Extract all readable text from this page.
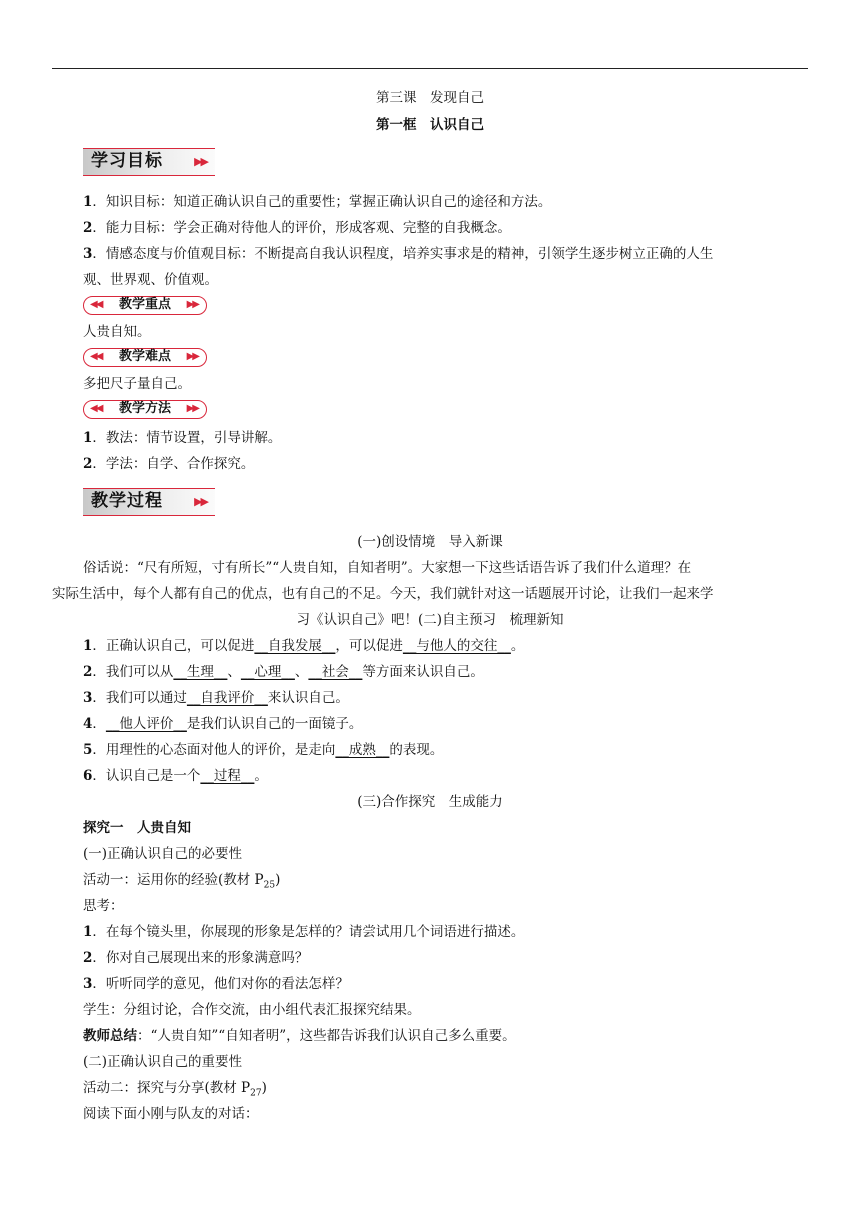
第三课　发现自己
第一框　认识自己
学习目标	▶▶
1．知识目标：知道正确认识自己的重要性；掌握正确认识自己的途径和方法。
2．能力目标：学会正确对待他人的评价，形成客观、完整的自我概念。
3．情感态度与价值观目标：不断提高自我认识程度，培养实事求是的精神，引领学生逐步树立正确的人生
观、世界观、价值观。
◀◀ 教学重点 ▶▶
人贵自知。
◀◀ 教学难点 ▶▶
多把尺子量自己。
◀◀ 教学方法 ▶▶
1．教法：情节设置，引导讲解。
2．学法：自学、合作探究。
教学过程	▶▶
(一)创设情境　导入新课
俗话说：“尺有所短，寸有所长”“人贵自知，自知者明”。大家想一下这些话语告诉了我们什么道理？在
实际生活中，每个人都有自己的优点，也有自己的不足。今天，我们就针对这一话题展开讨论，让我们一起来学
习《认识自己》吧！(二)自主预习　梳理新知
1．正确认识自己，可以促进__自我发展__，可以促进__与他人的交往__。
2．我们可以从__生理__、__心理__、__社会__等方面来认识自己。
3．我们可以通过__自我评价__来认识自己。
4．__他人评价__是我们认识自己的一面镜子。
5．用理性的心态面对他人的评价，是走向__成熟__的表现。
6．认识自己是一个__过程__。
(三)合作探究　生成能力
探究一　人贵自知
(一)正确认识自己的必要性
活动一：运用你的经验(教材 $P_{25}$)
思考：
1．在每个镜头里，你展现的形象是怎样的？请尝试用几个词语进行描述。
2．你对自己展现出来的形象满意吗？
3．听听同学的意见，他们对你的看法怎样？
学生：分组讨论，合作交流，由小组代表汇报探究结果。
教师总结：“人贵自知”“自知者明”，这些都告诉我们认识自己多么重要。
(二)正确认识自己的重要性
活动二：探究与分享(教材 $P_{27}$)
阅读下面小刚与队友的对话：
